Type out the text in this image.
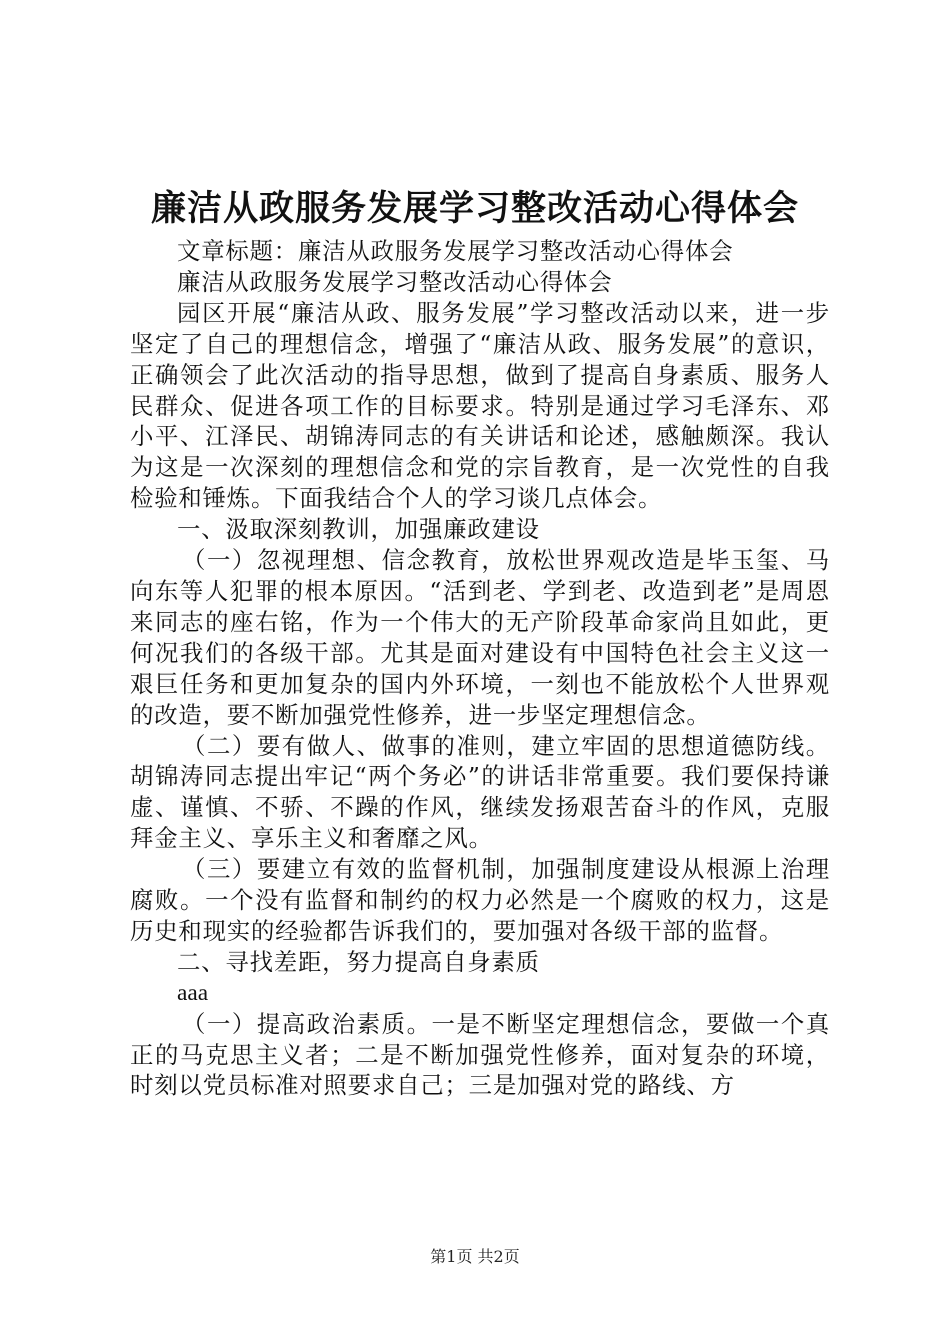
廉洁从政服务发展学习整改活动心得体会

文章标题：廉洁从政服务发展学习整改活动心得体会

廉洁从政服务发展学习整改活动心得体会

园区开展“廉洁从政、服务发展”学习整改活动以来，进一步坚定了自己的理想信念，增强了“廉洁从政、服务发展”的意识，正确领会了此次活动的指导思想，做到了提高自身素质、服务人民群众、促进各项工作的目标要求。特别是通过学习毛泽东、邓小平、江泽民、胡锦涛同志的有关讲话和论述，感触颇深。我认为这是一次深刻的理想信念和党的宗旨教育，是一次党性的自我检验和锤炼。下面我结合个人的学习谈几点体会。

一、汲取深刻教训，加强廉政建设

（一）忽视理想、信念教育，放松世界观改造是毕玉玺、马向东等人犯罪的根本原因。“活到老、学到老、改造到老”是周恩来同志的座右铭，作为一个伟大的无产阶段革命家尚且如此，更何况我们的各级干部。尤其是面对建设有中国特色社会主义这一艰巨任务和更加复杂的国内外环境，一刻也不能放松个人世界观的改造，要不断加强党性修养，进一步坚定理想信念。

（二）要有做人、做事的准则，建立牢固的思想道德防线。胡锦涛同志提出牢记“两个务必”的讲话非常重要。我们要保持谦虚、谨慎、不骄、不躁的作风，继续发扬艰苦奋斗的作风，克服拜金主义、享乐主义和奢靡之风。

（三）要建立有效的监督机制，加强制度建设从根源上治理腐败。一个没有监督和制约的权力必然是一个腐败的权力，这是历史和现实的经验都告诉我们的，要加强对各级干部的监督。

二、寻找差距，努力提高自身素质

aaa

（一）提高政治素质。一是不断坚定理想信念，要做一个真正的马克思主义者；二是不断加强党性修养，面对复杂的环境，时刻以党员标准对照要求自己；三是加强对党的路线、方

第1页 共2页
